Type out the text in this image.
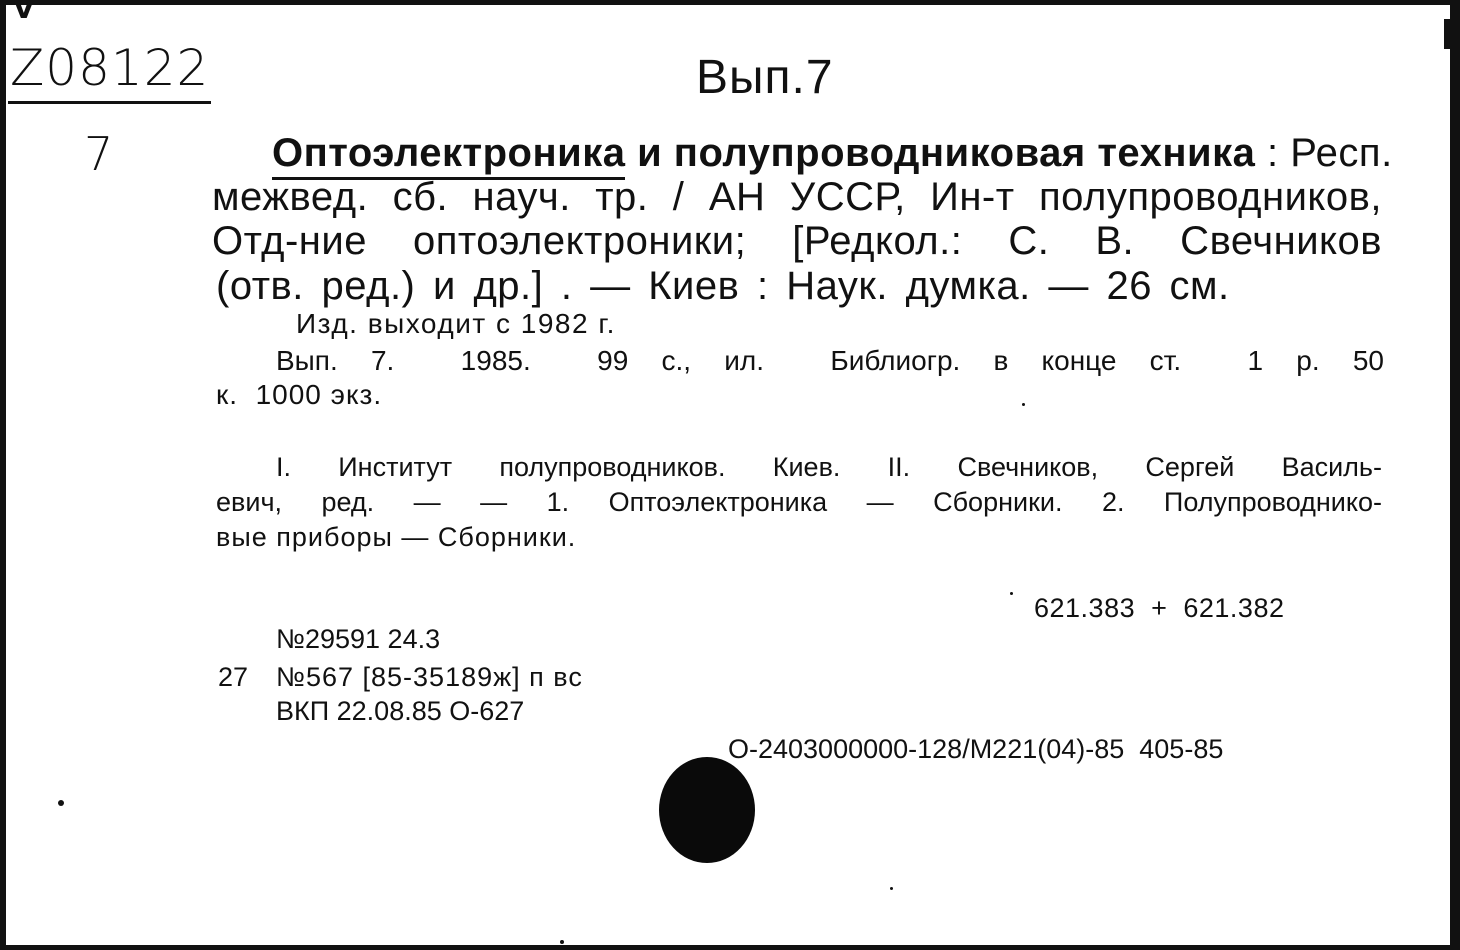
v
Z08122	Вып.7
7	Оптоэлектроника и полупроводниковая техника : Респ.
межвед. сб. науч. тр. / АН УССР, Ин-т полупроводников,
Отд-ние оптоэлектроники; [Редкол.: С. В. Свечников
(отв. ред.) и др.] . — Киев : Наук. думка. — 26 см.
Изд. выходит с 1982 г.
Вып. 7.  1985.  99 с., ил.  Библиогр. в конце ст.  1 р. 50
к.  1000 экз.
I. Институт полупроводников. Киев. II. Свечников, Сергей Василь-
евич, ред. — — 1. Оптоэлектроника — Сборники. 2. Полупроводнико-
вые приборы — Сборники.
621.383  +  621.382
№29591 24.3
27 №567 [85-35189ж] п вс
ВКП 22.08.85 О-627
О-2403000000-128/М221(04)-85  405-85
